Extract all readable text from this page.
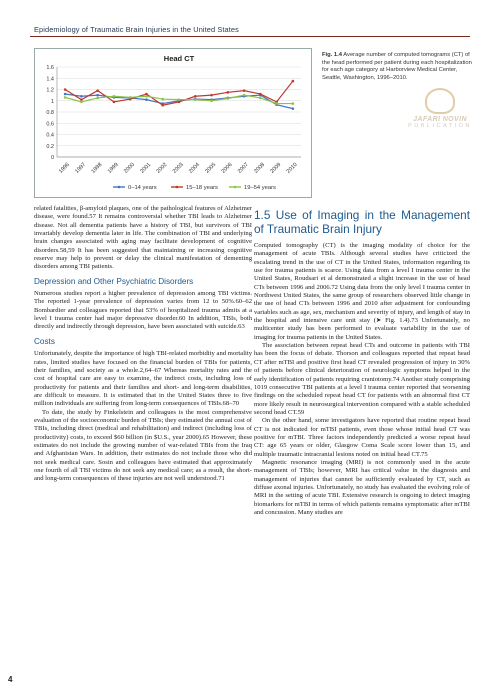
Epidemiology of Traumatic Brain Injuries in the United States
Head CT
0
0.2
0.4
0.6
0.8
1
1.2
1.4
1.6
1996 1997 1998 1999 2000 2001 2002 2003 2004 2005 2006 2007 2008 2009 2010
0–14 years	15–18 years	19–54 years
Fig. 1.4 Average number of computed tomograms (CT) of the head performed per patient during each hospitalization for each age category at Harborview Medical Center, Seattle, Washington, 1996–2010.
JAFARI NOVIN
PUBLICATION

related fatalities, β-amyloid plaques, one of the pathological features of Alzheimer disease, were found.57 It remains controversial whether TBI leads to Alzheimer disease. Not all dementia patients have a history of TBI, but survivors of TBI invariably develop dementia later in life. The combination of TBI and underlying brain changes associated with aging may facilitate development of cognitive disorders.58,59 It has been suggested that maintaining or increasing cognitive reserve may help to prevent or delay the clinical manifestation of dementing disorders among TBI patients.

Depression and Other Psychiatric Disorders

Numerous studies report a higher prevalence of depression among TBI victims. The reported 1-year prevalence of depression varies from 12 to 50%.60–62 Bombardier and colleagues reported that 53% of hospitalized trauma admits at a level I trauma center had major depressive disorder.60 In addition, TBIs, both directly and indirectly through depression, have been associated with suicide.63

Costs

Unfortunately, despite the importance of high TBI-related morbidity and mortality rates, limited studies have focused on the financial burden of TBIs for patients, their families, and society as a whole.2,64–67 Whereas mortality rates and the cost of hospital care are easy to examine, the indirect costs, including loss of productivity for patients and their families and short- and long-term disabilities, are difficult to measure. It is estimated that in the United States three to five million individuals are suffering from long-term consequences of TBIs.68–70

To date, the study by Finkelstein and colleagues is the most comprehensive evaluation of the socioeconomic burden of TBIs; they estimated the annual cost of TBIs, including direct (medical and rehabilitation) and indirect (including loss of productivity) costs, to exceed $60 billion (in $U.S., year 2000).65 However, these estimates do not include the growing number of war-related TBIs from the Iraq and Afghanistan Wars. In addition, their estimates do not include those who did not seek medical care. Sosin and colleagues have estimated that approximately one fourth of all TBI victims do not seek any medical care; as a result, the short- and long-term consequences of these injuries are not well understood.71

1.5 Use of Imaging in the Management of Traumatic Brain Injury

Computed tomography (CT) is the imaging modality of choice for the management of acute TBIs. Although several studies have criticized the escalating trend in the use of CT in the United States, information regarding its use for trauma patients is scarce. Using data from a level I trauma center in the United States, Roudsari et al demonstrated a slight increase in the use of head CTs between 1996 and 2006.72 Using data from the only level I trauma center in Northwest United States, the same group of researchers observed little change in the use of head CTs between 1996 and 2010 after adjustment for confounding variables such as age, sex, mechanism and severity of injury, and length of stay in the hospital and intensive care unit stay (➤ Fig. 1.4).73 Unfortunately, no multicenter study has been performed to evaluate variability in the use of imaging for trauma patients in the United States.

The association between repeat head CTs and outcome in patients with TBI has been the focus of debate. Thorson and colleagues reported that repeat head CT after mTBI and positive first head CT revealed progression of injury in 30% of patients before clinical deterioration of neurologic symptoms helped in the early identification of patients requiring craniotomy.74 Another study comprising 1019 consecutive TBI patients at a level I trauma center reported that worsening findings on the scheduled repeat head CT for patients with an abnormal first CT more likely result in neurosurgical intervention compared with a stable scheduled second head CT.59

On the other hand, some investigators have reported that routine repeat head CT is not indicated for mTBI patients, even those whose initial head CT was positive for mTBI. Three factors independently predicted a worse repeat head CT: age 65 years or older, Glasgow Coma Scale score lower than 15, and multiple traumatic intracranial lesions noted on initial head CT.75

Magnetic resonance imaging (MRI) is not commonly used in the acute management of TBIs; however, MRI has critical value in the diagnosis and management of injuries that cannot be sufficiently evaluated by CT, such as diffuse axonal injuries. Unfortunately, no study has evaluated the evolving role of MRI in the setting of acute TBI. Extensive research is ongoing to detect imaging biomarkers for mTBI in terms of which patients remains symptomatic after mTBI and concussion. Many studies are

4
